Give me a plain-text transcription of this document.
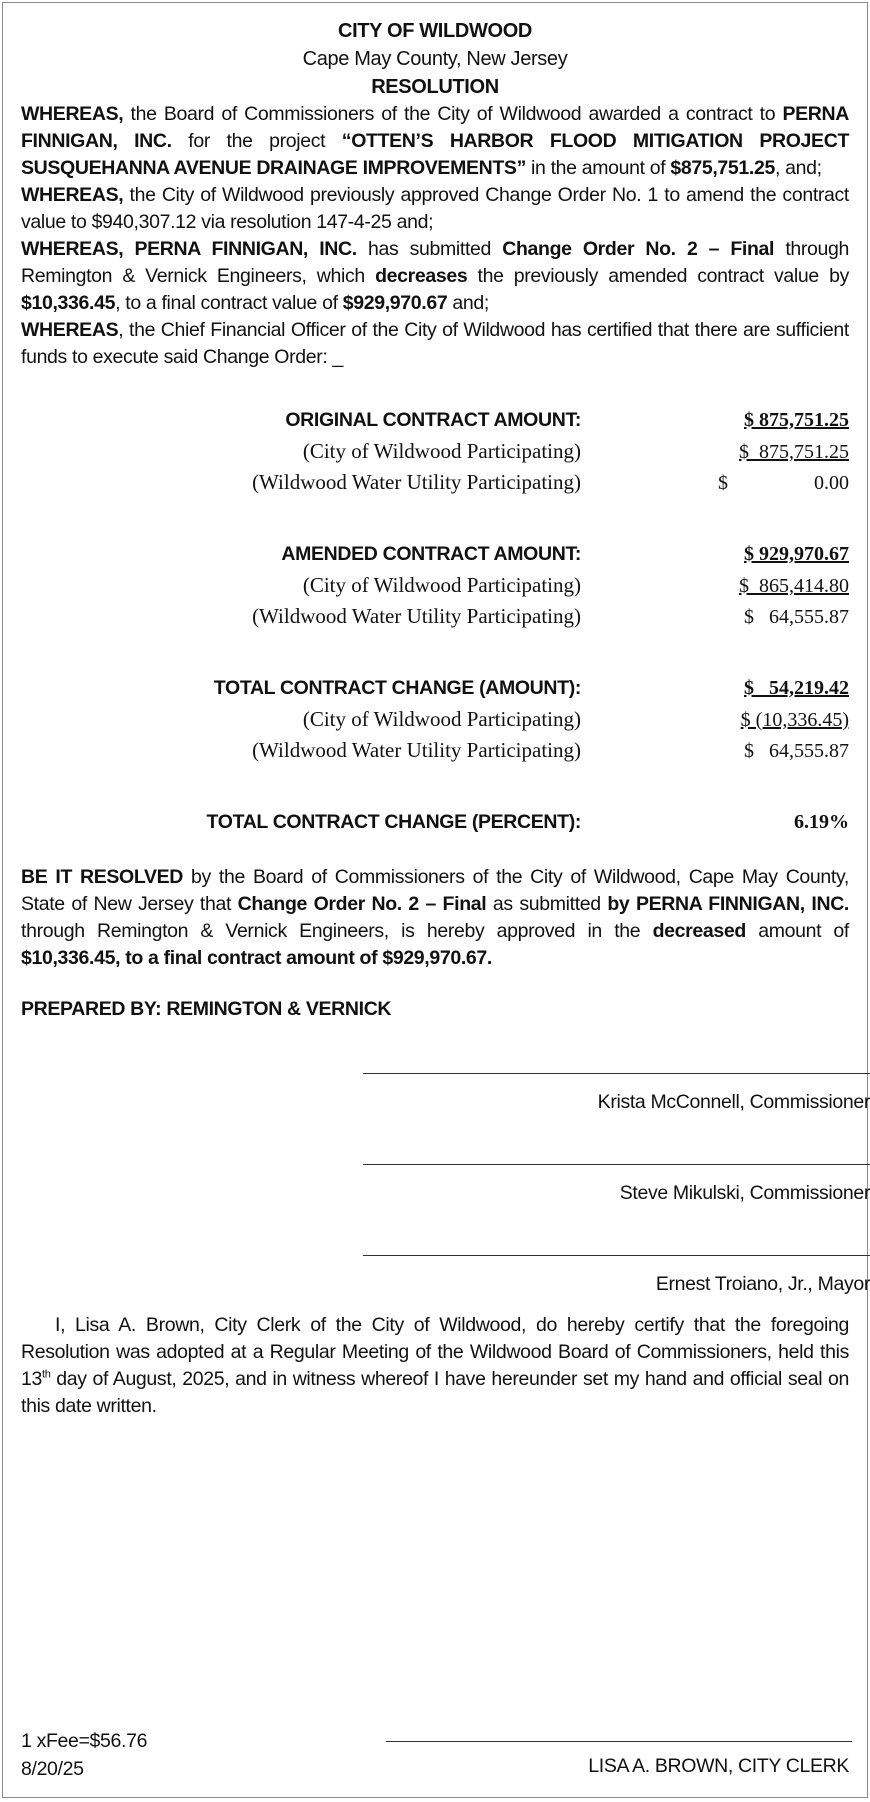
CITY OF WILDWOOD
Cape May County, New Jersey
RESOLUTION

WHEREAS, the Board of Commissioners of the City of Wildwood awarded a contract to PERNA FINNIGAN, INC. for the project “OTTEN’S HARBOR FLOOD MITIGATION PROJECT SUSQUEHANNA AVENUE DRAINAGE IMPROVEMENTS” in the amount of $875,751.25, and;

WHEREAS, the City of Wildwood previously approved Change Order No. 1 to amend the contract value to $940,307.12 via resolution 147-4-25 and;

WHEREAS, PERNA FINNIGAN, INC. has submitted Change Order No. 2 – Final through Remington & Vernick Engineers, which decreases the previously amended contract value by $10,336.45, to a final contract value of $929,970.67 and;

WHEREAS, the Chief Financial Officer of the City of Wildwood has certified that there are sufficient funds to execute said Change Order: _

ORIGINAL CONTRACT AMOUNT:	$ 875,751.25
(City of Wildwood Participating)	$  875,751.25
(Wildwood Water Utility Participating)	$	0.00
AMENDED CONTRACT AMOUNT:	$ 929,970.67
(City of Wildwood Participating)	$  865,414.80
(Wildwood Water Utility Participating)	$   64,555.87
TOTAL CONTRACT CHANGE (AMOUNT):	$   54,219.42
(City of Wildwood Participating)	$ (10,336.45)
(Wildwood Water Utility Participating)	$   64,555.87
TOTAL CONTRACT CHANGE (PERCENT):	6.19%

BE IT RESOLVED by the Board of Commissioners of the City of Wildwood, Cape May County, State of New Jersey that Change Order No. 2 – Final as submitted by PERNA FINNIGAN, INC. through Remington & Vernick Engineers, is hereby approved in the decreased amount of $10,336.45, to a final contract amount of $929,970.67.

PREPARED BY: REMINGTON & VERNICK
Krista McConnell, Commissioner
Steve Mikulski, Commissioner
Ernest Troiano, Jr., Mayor

I, Lisa A. Brown, City Clerk of the City of Wildwood, do hereby certify that the foregoing Resolution was adopted at a Regular Meeting of the Wildwood Board of Commissioners, held this 13th day of August, 2025, and in witness whereof I have hereunder set my hand and official seal on this date written.

1 xFee=$56.76
8/20/25	LISA A. BROWN, CITY CLERK
